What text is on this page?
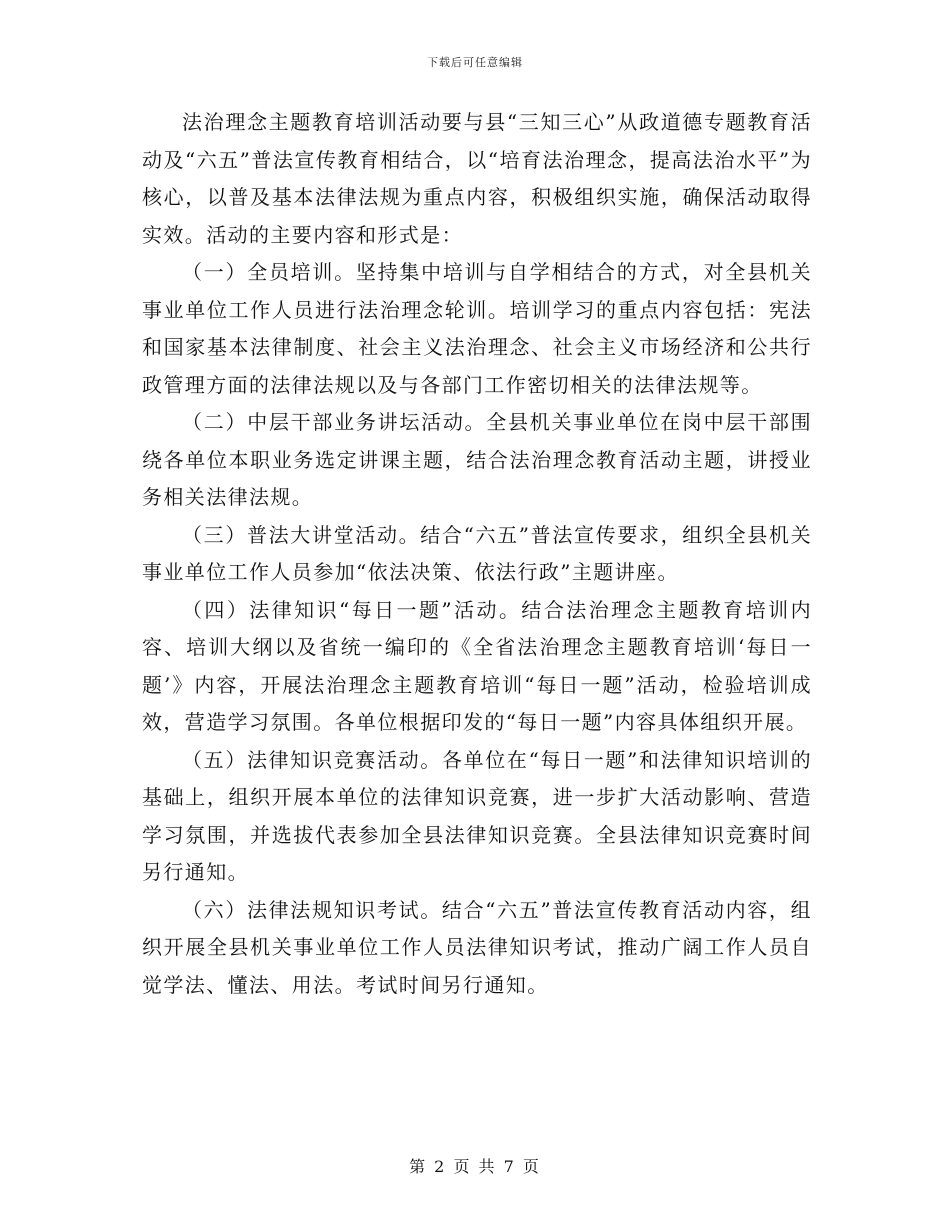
下载后可任意编辑

法治理念主题教育培训活动要与县“三知三心”从政道德专题教育活动及“六五”普法宣传教育相结合，以“培育法治理念，提高法治水平”为核心，以普及基本法律法规为重点内容，积极组织实施，确保活动取得实效。活动的主要内容和形式是：

（一）全员培训。坚持集中培训与自学相结合的方式，对全县机关事业单位工作人员进行法治理念轮训。培训学习的重点内容包括：宪法和国家基本法律制度、社会主义法治理念、社会主义市场经济和公共行政管理方面的法律法规以及与各部门工作密切相关的法律法规等。

（二）中层干部业务讲坛活动。全县机关事业单位在岗中层干部围绕各单位本职业务选定讲课主题，结合法治理念教育活动主题，讲授业务相关法律法规。

（三）普法大讲堂活动。结合“六五”普法宣传要求，组织全县机关事业单位工作人员参加“依法决策、依法行政”主题讲座。

（四）法律知识“每日一题”活动。结合法治理念主题教育培训内容、培训大纲以及省统一编印的《全省法治理念主题教育培训‘每日一题’》内容，开展法治理念主题教育培训“每日一题”活动，检验培训成效，营造学习氛围。各单位根据印发的“每日一题”内容具体组织开展。

（五）法律知识竞赛活动。各单位在“每日一题”和法律知识培训的基础上，组织开展本单位的法律知识竞赛，进一步扩大活动影响、营造学习氛围，并选拔代表参加全县法律知识竞赛。全县法律知识竞赛时间另行通知。

（六）法律法规知识考试。结合“六五”普法宣传教育活动内容，组织开展全县机关事业单位工作人员法律知识考试，推动广阔工作人员自觉学法、懂法、用法。考试时间另行通知。

第 2 页 共 7 页
